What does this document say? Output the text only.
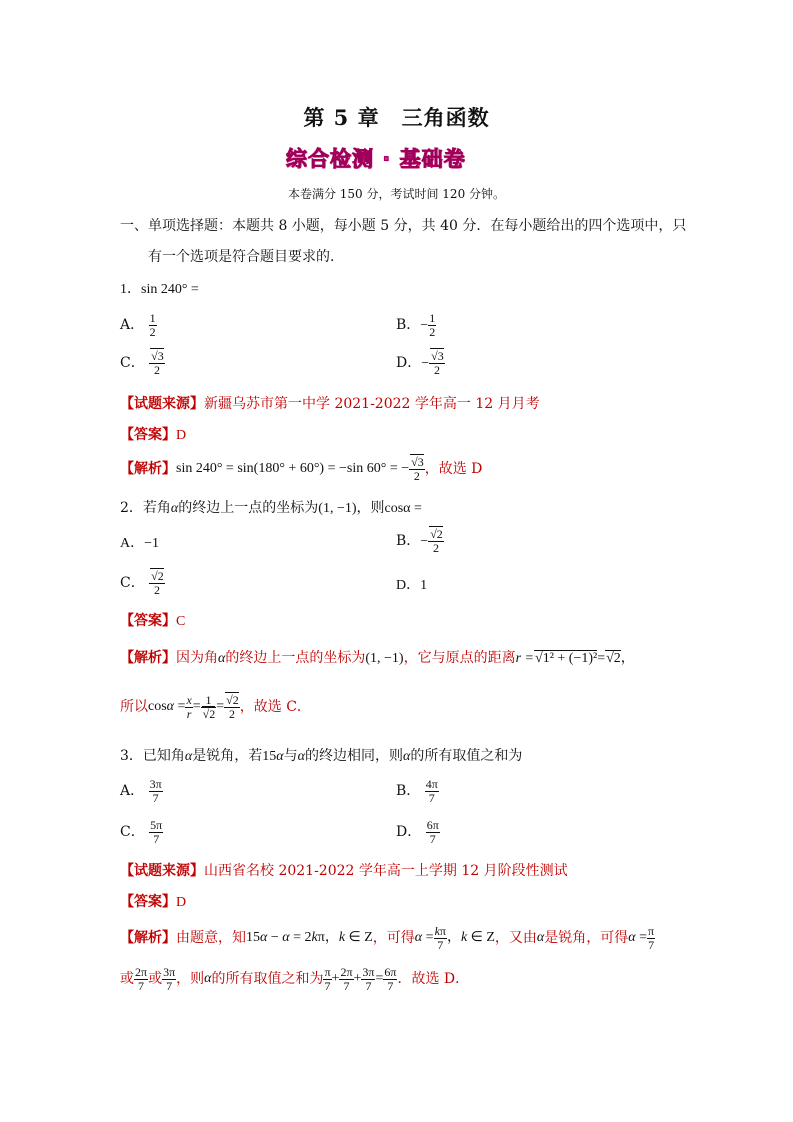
第 5 章　三角函数
综合检测 · 基础卷
本卷满分 150 分，考试时间 120 分钟。
一、单项选择题：本题共 8 小题，每小题 5 分，共 40 分．在每小题给出的四个选项中，只
有一个选项是符合题目要求的．
1．sin 240° =
A． $\frac{1}{2}$	B．− $\frac{1}{2}$
C． √ $\frac{3}{2}$	D．− √ $\frac{3}{2}$
【试题来源】新疆乌苏市第一中学 2021-2022 学年高一 12 月月考
【答案】D
【解析】 sin 240° = sin(180° + 60°) = −sin 60° = − √ $\frac{3}{2}$ ，故选 D
2．若角α的终边上一点的坐标为(1, −1)，则cosα =
A．−1	B．− √ $\frac{2}{2}$
C． √ $\frac{2}{2}$	D．1
【答案】C
【解析】因为角α的终边上一点的坐标为(1, −1)，它与原点的距离r = √ 1² + (−1)²= √ 2，
所以 $\cos\alpha = \frac{x}{r} = 1$
√ 2 = √ $\frac{2}{2}$ ，故选 C．
3．已知角α是锐角，若15α与α的终边相同，则α的所有取值之和为
A． $\frac{3\pi}{7}$	B． $\frac{4\pi}{7}$
C． $\frac{5\pi}{7}$	D． $\frac{6\pi}{7}$
【试题来源】山西省名校 2021-2022 学年高一上学期 12 月阶段性测试
【答案】D
【解析】 由题意，知 15α − α = 2kπ，k ∈ Z ，可得 $\alpha = \frac{k\pi}{7}$ ，k ∈ Z ，又由 α 是锐角，可得 $\alpha = \frac{\pi}{7}$
或 $\frac{2\pi}{7}$ 或 $\frac{3\pi}{7}$ ，则 α 的所有取值之和为 $\frac{\pi}{7} + \frac{2\pi}{7} + \frac{3\pi}{7} = \frac{6\pi}{7}$ ．故选 D．
